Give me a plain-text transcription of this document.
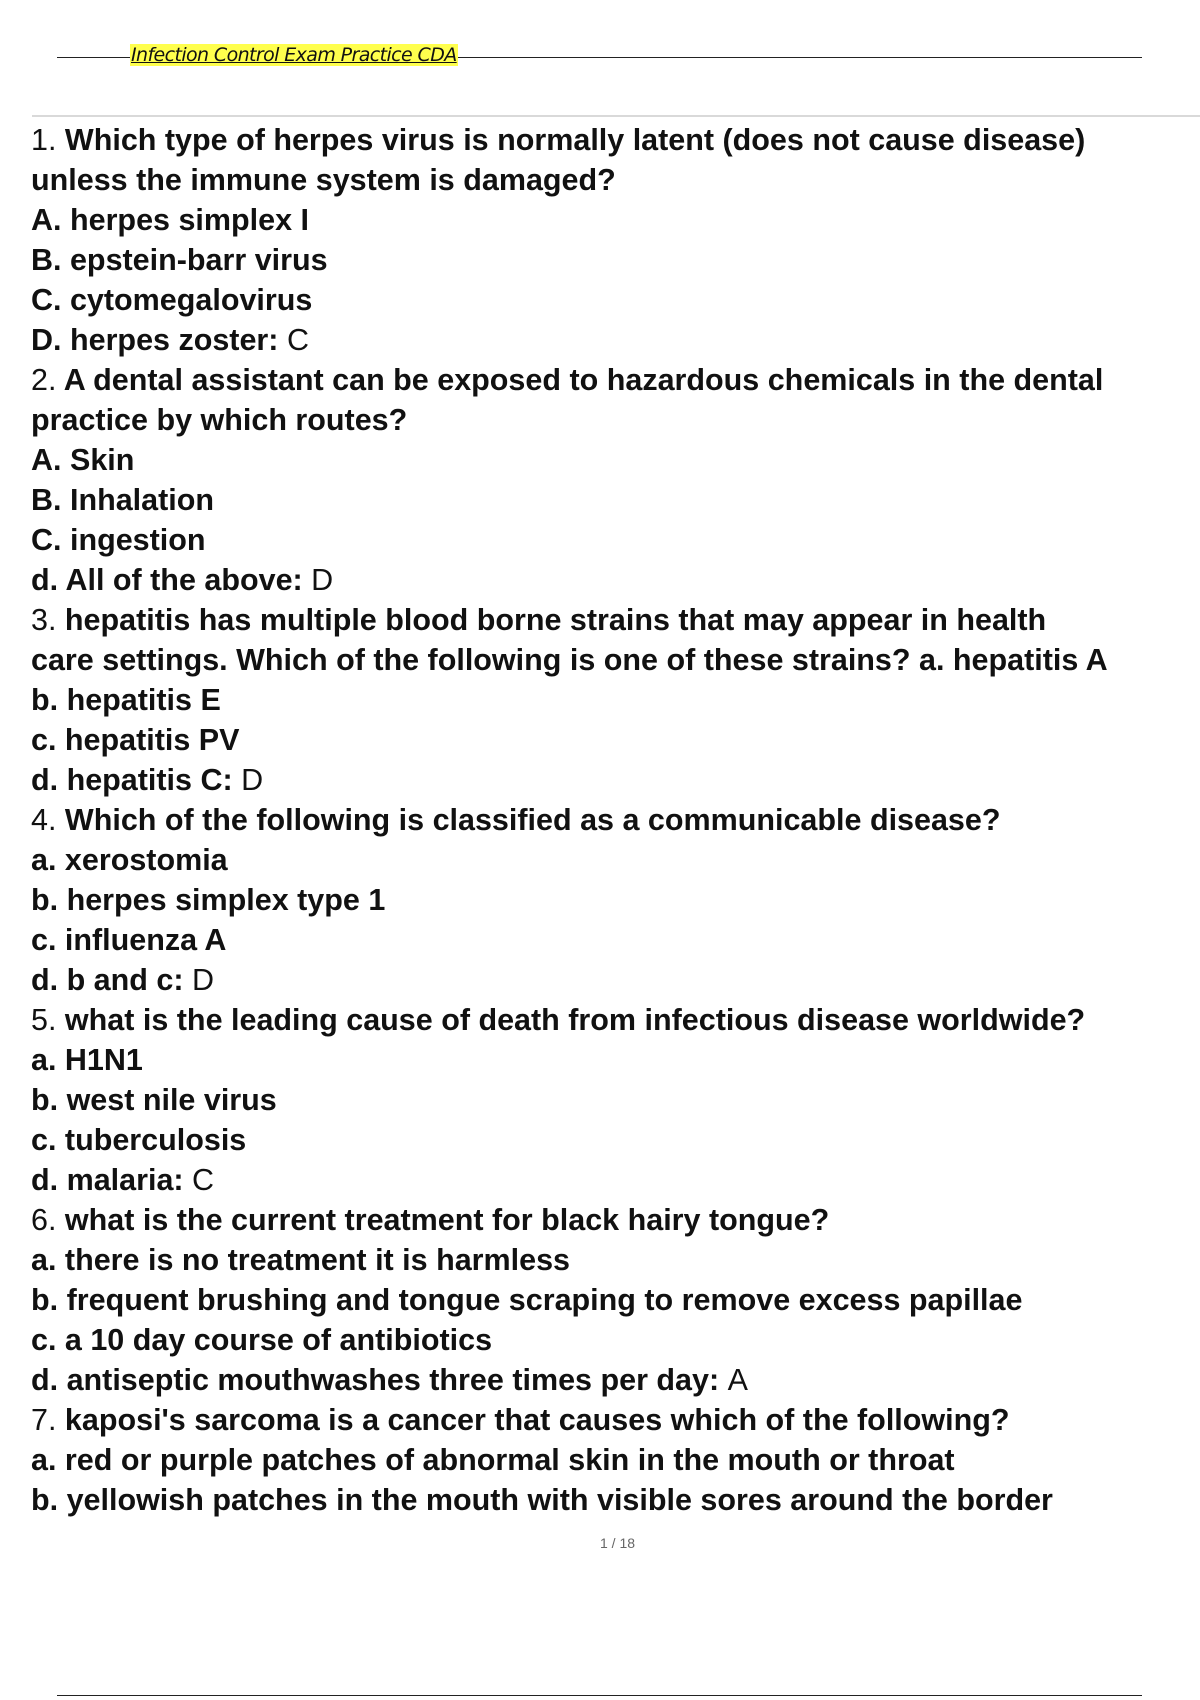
Infection Control Exam Practice CDA
1. Which type of herpes virus is normally latent (does not cause disease)
unless the immune system is damaged?
A. herpes simplex I
B. epstein-barr virus
C. cytomegalovirus
D. herpes zoster: C
2. A dental assistant can be exposed to hazardous chemicals in the dental
practice by which routes?
A. Skin
B. Inhalation
C. ingestion
d. All of the above: D
3. hepatitis has multiple blood borne strains that may appear in health
care settings. Which of the following is one of these strains? a. hepatitis A
b. hepatitis E
c. hepatitis PV
d. hepatitis C: D
4. Which of the following is classified as a communicable disease?
a. xerostomia
b. herpes simplex type 1
c. influenza A
d. b and c: D
5. what is the leading cause of death from infectious disease worldwide?
a. H1N1
b. west nile virus
c. tuberculosis
d. malaria: C
6. what is the current treatment for black hairy tongue?
a. there is no treatment it is harmless
b. frequent brushing and tongue scraping to remove excess papillae
c. a 10 day course of antibiotics
d. antiseptic mouthwashes three times per day: A
7. kaposi's sarcoma is a cancer that causes which of the following?
a. red or purple patches of abnormal skin in the mouth or throat
b. yellowish patches in the mouth with visible sores around the border
1 / 18
